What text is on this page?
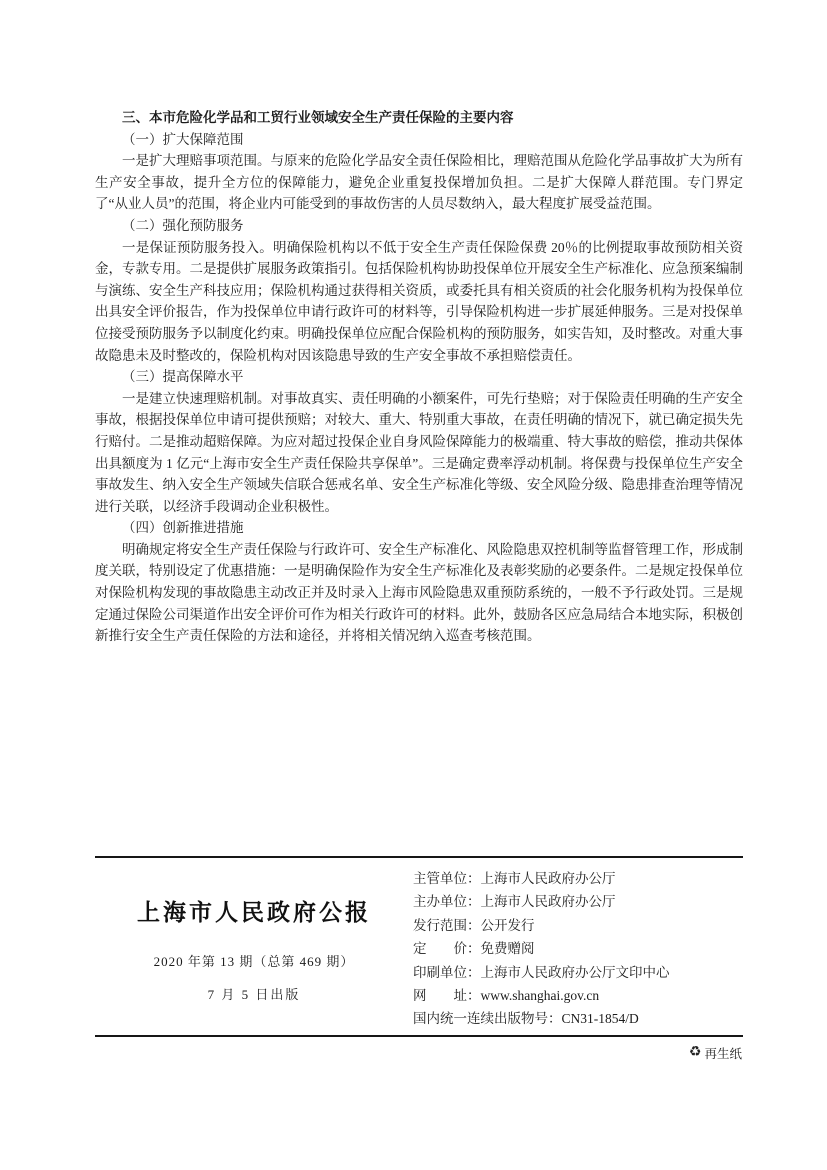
三、本市危险化学品和工贸行业领域安全生产责任保险的主要内容

（一）扩大保障范围

一是扩大理赔事项范围。与原来的危险化学品安全责任保险相比，理赔范围从危险化学品事故扩大为所有生产安全事故，提升全方位的保障能力，避免企业重复投保增加负担。二是扩大保障人群范围。专门界定了“从业人员”的范围，将企业内可能受到的事故伤害的人员尽数纳入，最大程度扩展受益范围。

（二）强化预防服务

一是保证预防服务投入。明确保险机构以不低于安全生产责任保险保费 20％的比例提取事故预防相关资金，专款专用。二是提供扩展服务政策指引。包括保险机构协助投保单位开展安全生产标准化、应急预案编制与演练、安全生产科技应用；保险机构通过获得相关资质，或委托具有相关资质的社会化服务机构为投保单位出具安全评价报告，作为投保单位申请行政许可的材料等，引导保险机构进一步扩展延伸服务。三是对投保单位接受预防服务予以制度化约束。明确投保单位应配合保险机构的预防服务，如实告知，及时整改。对重大事故隐患未及时整改的，保险机构对因该隐患导致的生产安全事故不承担赔偿责任。

（三）提高保障水平

一是建立快速理赔机制。对事故真实、责任明确的小额案件，可先行垫赔；对于保险责任明确的生产安全事故，根据投保单位申请可提供预赔；对较大、重大、特别重大事故，在责任明确的情况下，就已确定损失先行赔付。二是推动超赔保障。为应对超过投保企业自身风险保障能力的极端重、特大事故的赔偿，推动共保体出具额度为 1 亿元“上海市安全生产责任保险共享保单”。三是确定费率浮动机制。将保费与投保单位生产安全事故发生、纳入安全生产领域失信联合惩戒名单、安全生产标准化等级、安全风险分级、隐患排查治理等情况进行关联，以经济手段调动企业积极性。

（四）创新推进措施

明确规定将安全生产责任保险与行政许可、安全生产标准化、风险隐患双控机制等监督管理工作，形成制度关联，特别设定了优惠措施：一是明确保险作为安全生产标准化及表彰奖励的必要条件。二是规定投保单位对保险机构发现的事故隐患主动改正并及时录入上海市风险隐患双重预防系统的，一般不予行政处罚。三是规定通过保险公司渠道作出安全评价可作为相关行政许可的材料。此外，鼓励各区应急局结合本地实际，积极创新推行安全生产责任保险的方法和途径，并将相关情况纳入巡查考核范围。

上海市人民政府公报
2020 年第 13 期（总第 469 期）
7 月 5 日出版
主管单位：上海市人民政府办公厅
主办单位：上海市人民政府办公厅
发行范围：公开发行
定　　价：免费赠阅
印刷单位：上海市人民政府办公厅文印中心
网　　址：www.shanghai.gov.cn
国内统一连续出版物号：CN31-1854/D
♻ 再生纸
